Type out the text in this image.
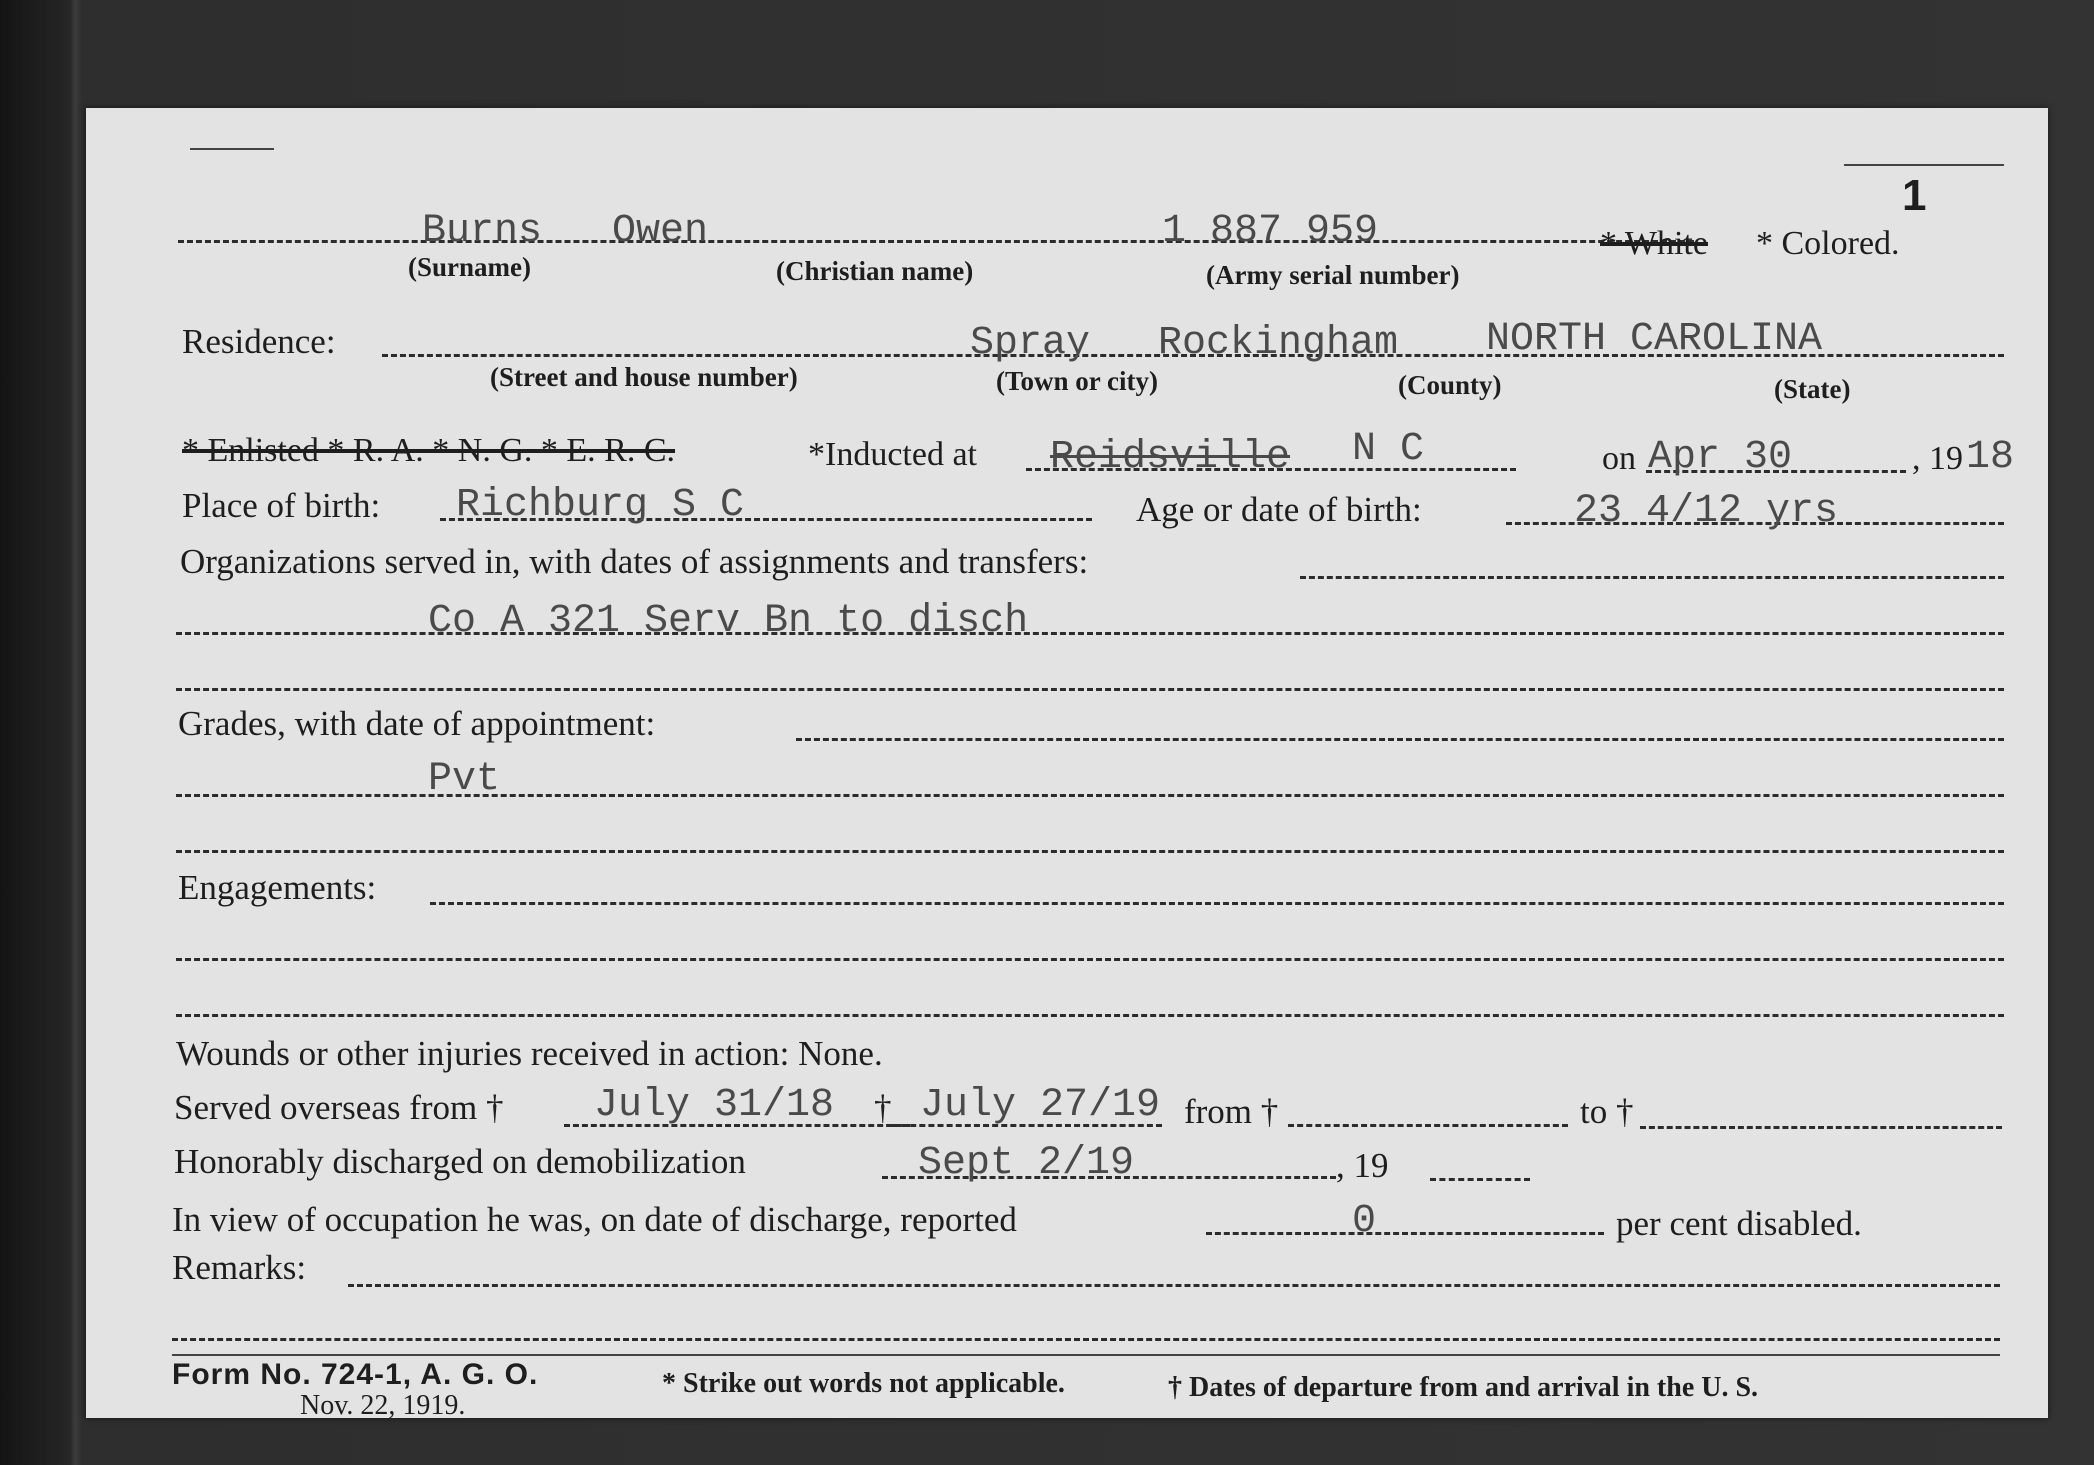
1
Burns Owen	1 887 959	* White * Colored.
(Surname)	(Christian name)	(Army serial number)
Residence:	Spray Rockingham NORTH CAROLINA
(Street and house number)	(Town or city)	(County)	(State)
* Enlisted * R. A. * N. G. * E. R. C.	*Inducted at Reidsville N C	on Apr 30	, 19 18
Place of birth: Richburg S C	Age or date of birth:	23 4/12 yrs
Organizations served in, with dates of assignments and transfers:
Co A 321 Serv Bn to disch
Grades, with date of appointment:
Pvt
Engagements:
Wounds or other injuries received in action: None.
Served overseas from † July 31/18 † July 27/19 from †	to †
Honorably discharged on demobilization	Sept 2/19	, 19
In view of occupation he was, on date of discharge, reported	0	per cent disabled.
Remarks:
Form No. 724-1, A. G. O.
Nov. 22, 1919.
* Strike out words not applicable.	† Dates of departure from and arrival in the U. S.
